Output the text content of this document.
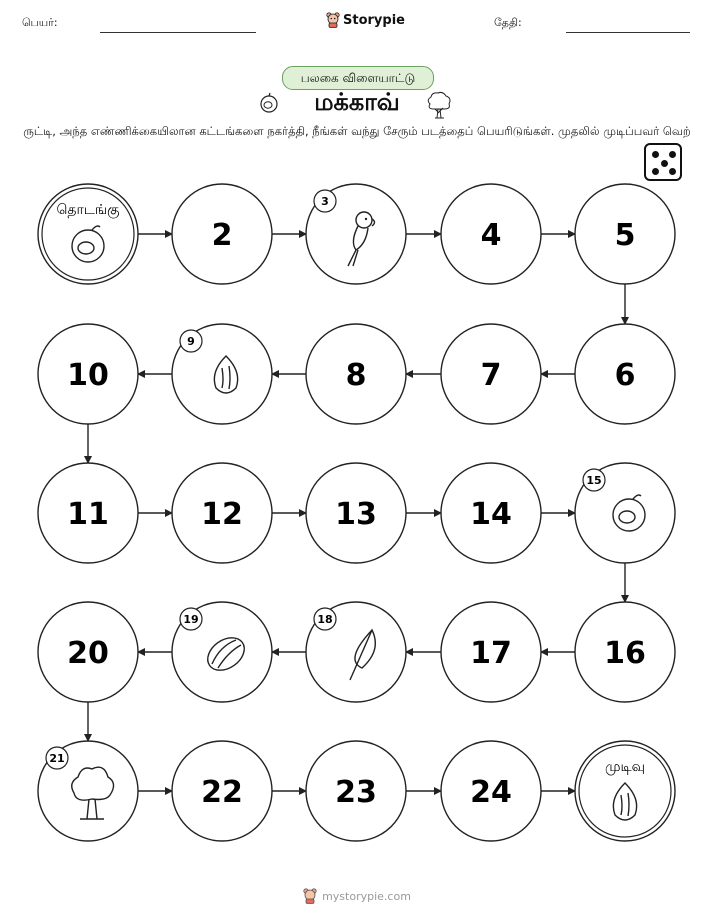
பெயர்:	Storypie	தேதி:
பலகை விளையாட்டு
மக்காவ்
ருட்டி, அந்த எண்ணிக்கையிலான கட்டங்களை நகர்த்தி, நீங்கள் வந்து சேரும் படத்தைப் பெயரிடுங்கள். முதலில் முடிப்பவர் வெற்
தொடங்கு
2
3
4	5
6
7
8
9
10
11	12	13	14
15
16
17
18
19
20
21
22	23	24
முடிவு
mystorypie.com
